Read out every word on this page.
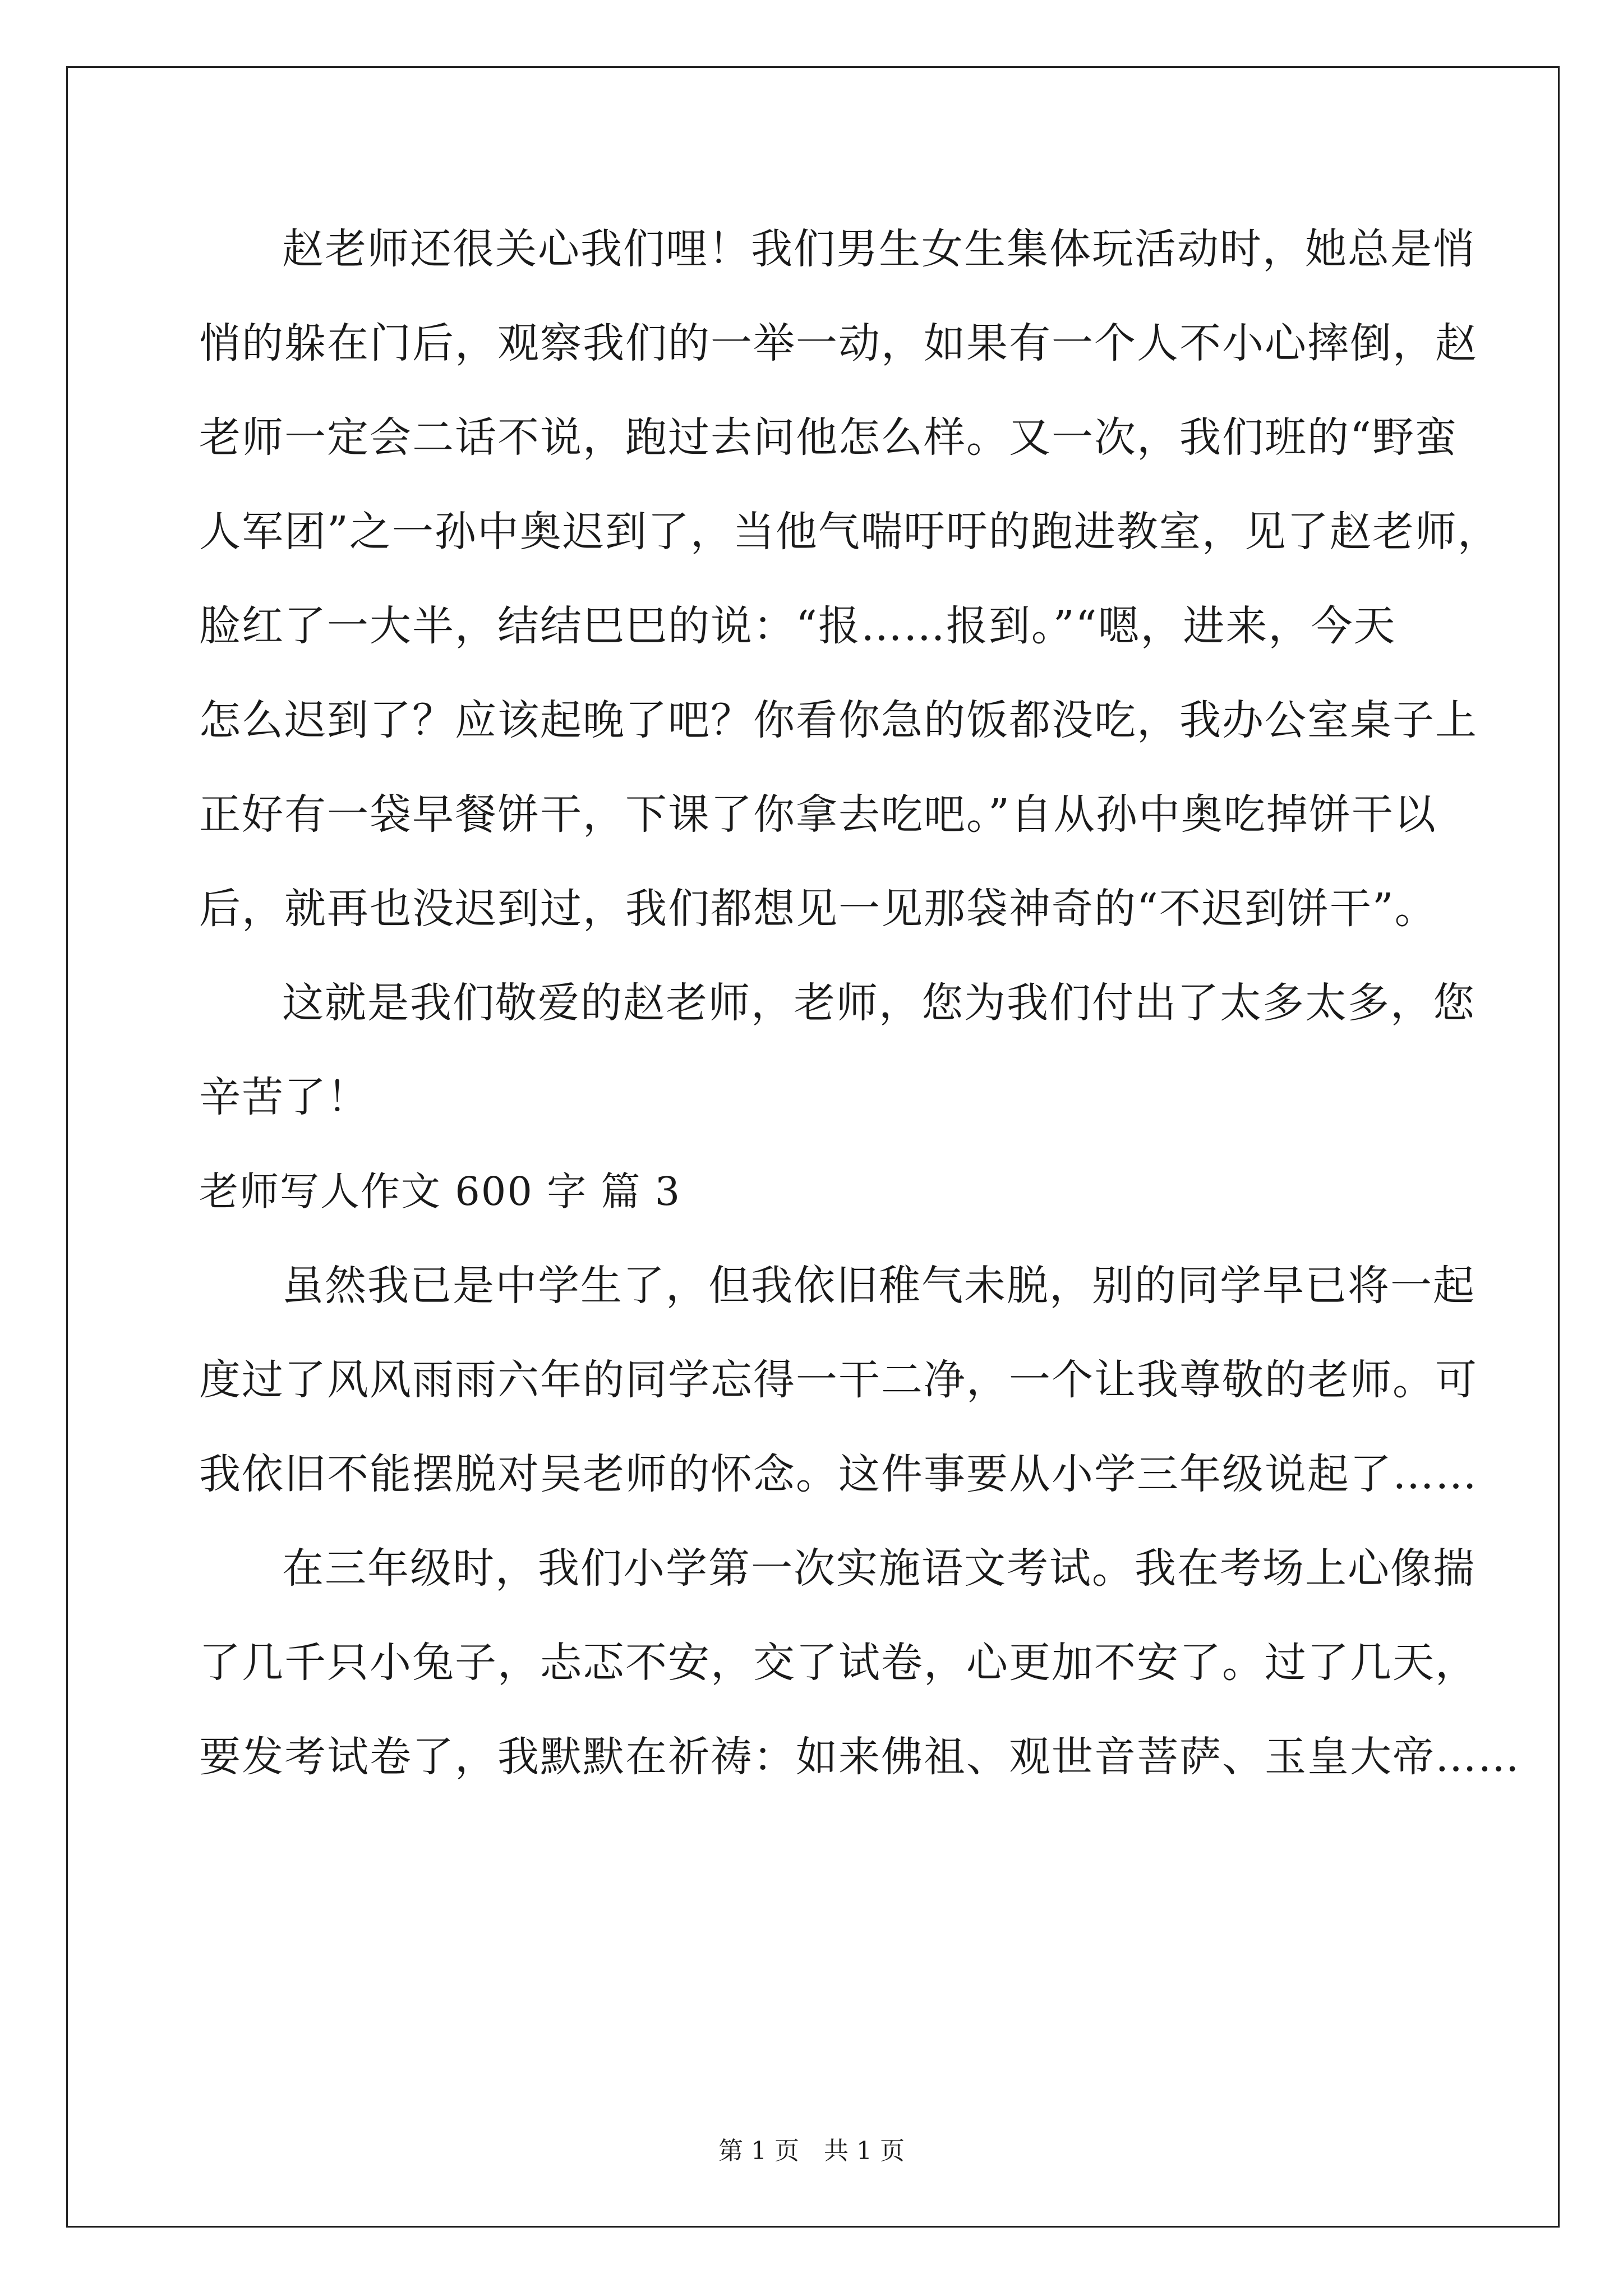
赵老师还很关心我们哩！我们男生女生集体玩活动时，她总是悄
悄的躲在门后，观察我们的一举一动，如果有一个人不小心摔倒，赵
老师一定会二话不说，跑过去问他怎么样。又一次，我们班的“野蛮
人军团”之一孙中奥迟到了，当他气喘吁吁的跑进教室，见了赵老师，
脸红了一大半，结结巴巴的说：“报……报到。”“嗯，进来，今天
怎么迟到了？应该起晚了吧？你看你急的饭都没吃，我办公室桌子上
正好有一袋早餐饼干，下课了你拿去吃吧。”自从孙中奥吃掉饼干以
后，就再也没迟到过，我们都想见一见那袋神奇的“不迟到饼干”。
这就是我们敬爱的赵老师，老师，您为我们付出了太多太多，您
辛苦了！
老师写人作文 600 字 篇 3
虽然我已是中学生了，但我依旧稚气未脱，别的同学早已将一起
度过了风风雨雨六年的同学忘得一干二净，一个让我尊敬的老师。可
我依旧不能摆脱对吴老师的怀念。这件事要从小学三年级说起了……
在三年级时，我们小学第一次实施语文考试。我在考场上心像揣
了几千只小兔子，忐忑不安，交了试卷，心更加不安了。过了几天，
要发考试卷了，我默默在祈祷：如来佛祖、观世音菩萨、玉皇大帝……
第 1 页 共 1 页
